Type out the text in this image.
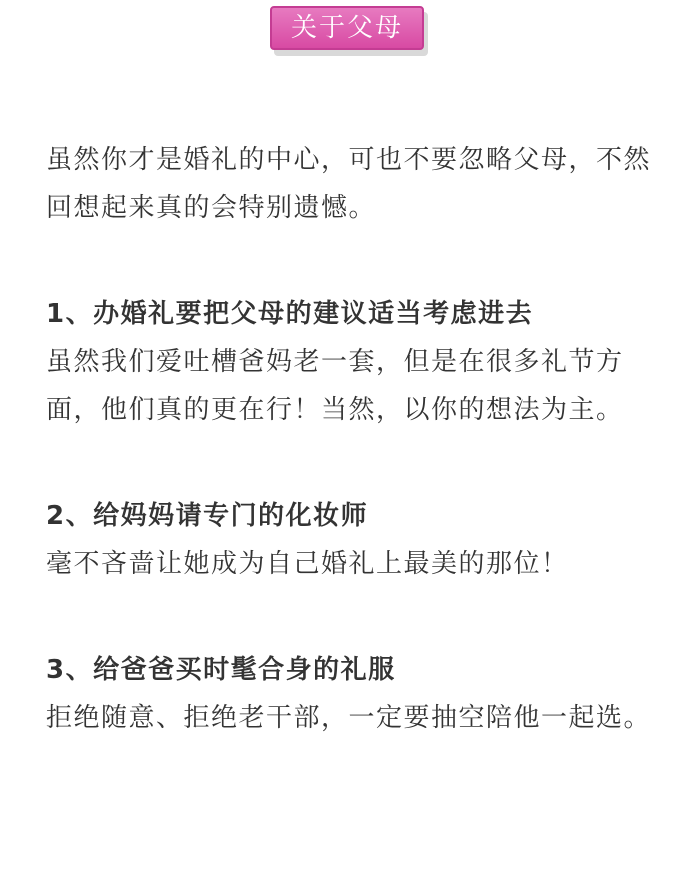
关于父母

虽然你才是婚礼的中心，可也不要忽略父母，不然回想起来真的会特别遗憾。

1、办婚礼要把父母的建议适当考虑进去

虽然我们爱吐槽爸妈老一套，但是在很多礼节方面，他们真的更在行！当然，以你的想法为主。

2、给妈妈请专门的化妆师

毫不吝啬让她成为自己婚礼上最美的那位！

3、给爸爸买时髦合身的礼服

拒绝随意、拒绝老干部，一定要抽空陪他一起选。
